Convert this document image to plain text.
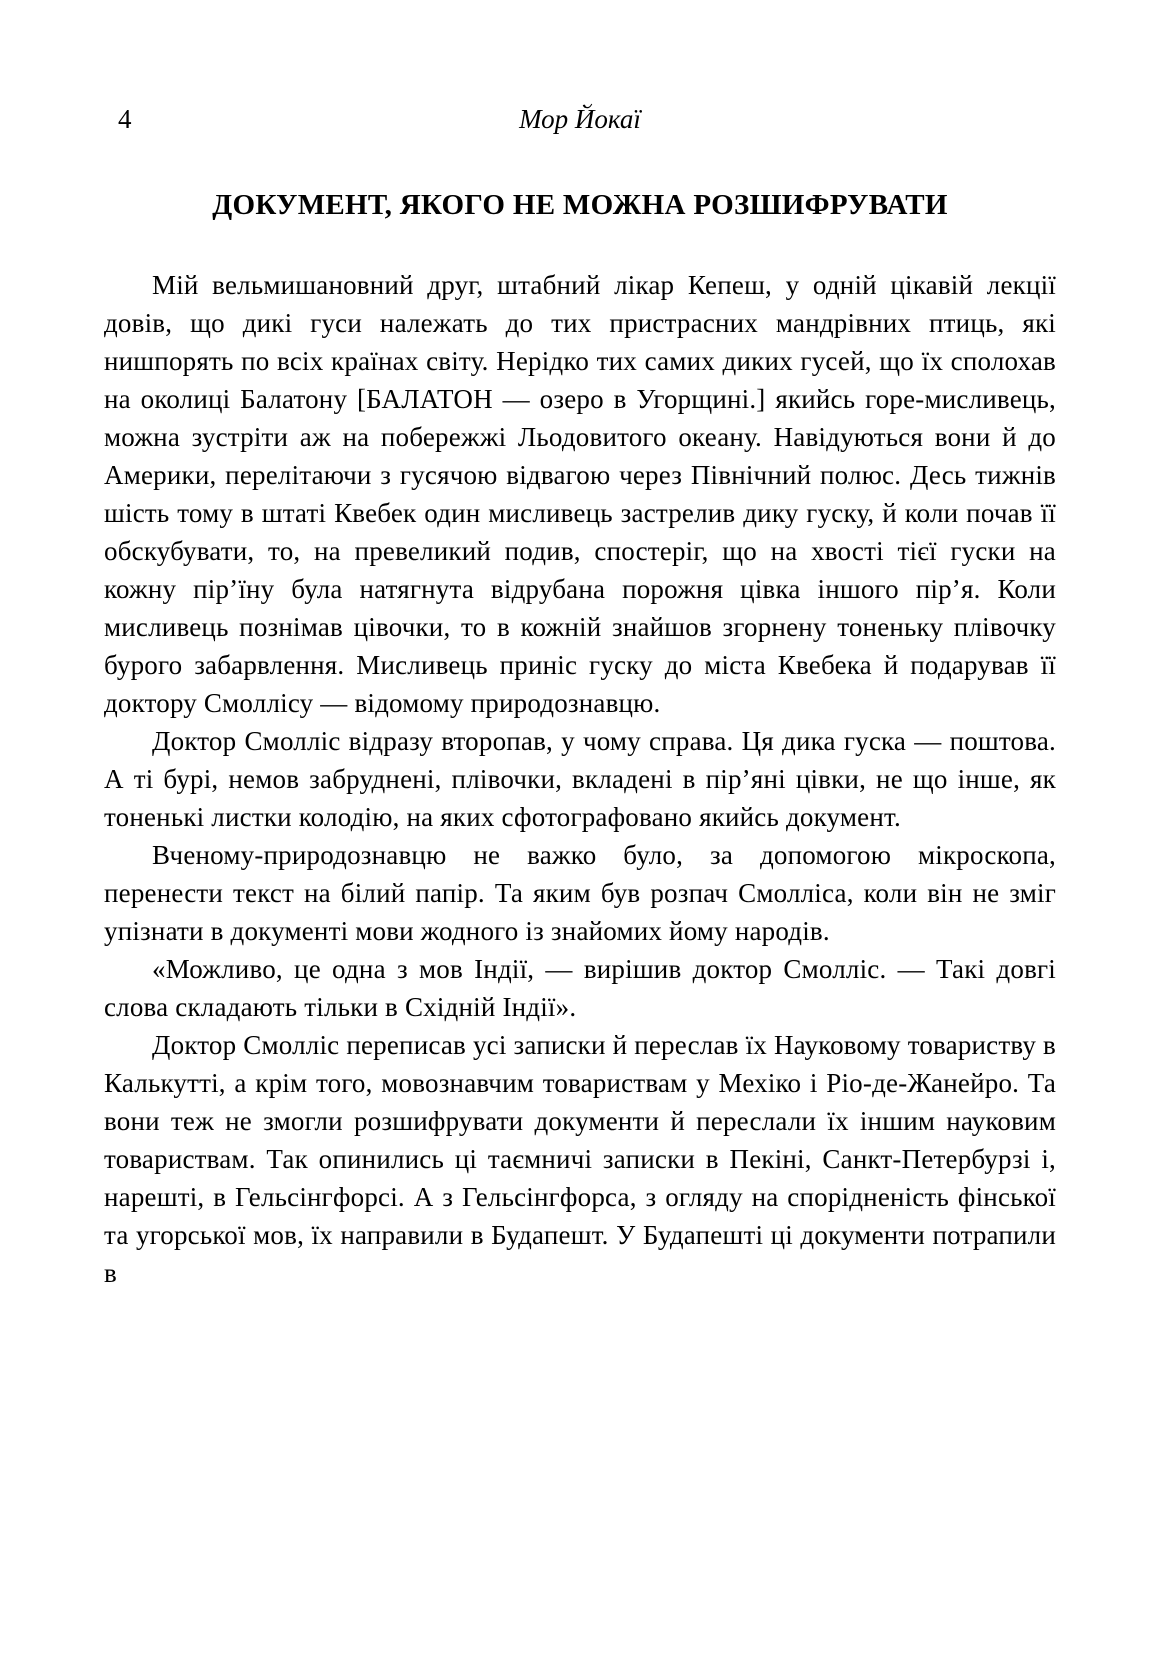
4	Мор Йокаї
ДОКУМЕНТ, ЯКОГО НЕ МОЖНА РОЗШИФРУВАТИ

Мій вельмишановний друг, штабний лікар Кепеш, у одній цікавій лекції довів, що дикі гуси належать до тих пристрасних мандрівних птиць, які нишпорять по всіх країнах світу. Нерідко тих самих диких гусей, що їх сполохав на околиці Балатону [БАЛАТОН — озеро в Угорщині.] якийсь горе-мисливець, можна зустріти аж на побережжі Льодовитого океану. Навідуються вони й до Америки, перелітаючи з гусячою відвагою через Північний полюс. Десь тижнів шість тому в штаті Квебек один мисливець застрелив дику гуску, й коли почав її обскубувати, то, на превеликий подив, спостеріг, що на хвості тієї гуски на кожну пір’їну була натягнута відрубана порожня цівка іншого пір’я. Коли мисливець познімав цівочки, то в кожній знайшов згорнену тоненьку плівочку бурого забарвлення. Мисливець приніс гуску до міста Квебека й подарував її доктору Смоллісу — відомому природознавцю.

Доктор Смолліс відразу второпав, у чому справа. Ця дика гуска — поштова. А ті бурі, немов забруднені, плівочки, вкладені в пір’яні цівки, не що інше, як тоненькі листки колодію, на яких сфотографовано якийсь документ.

Вченому-природознавцю не важко було, за допомогою мікроскопа, перенести текст на білий папір. Та яким був розпач Смолліса, коли він не зміг упізнати в документі мови жодного із знайомих йому народів.

«Можливо, це одна з мов Індії, — вирішив доктор Смолліс. — Такі довгі слова складають тільки в Східній Індії».

Доктор Смолліс переписав усі записки й переслав їх Науковому товариству в Калькутті, а крім того, мовознавчим товариствам у Мехіко і Ріо-де-Жанейро. Та вони теж не змогли розшифрувати документи й переслали їх іншим науковим товариствам. Так опинились ці таємничі записки в Пекіні, Санкт-Петербурзі і, нарешті, в Гельсінгфорсі. А з Гельсінгфорса, з огляду на спорідненість фінської та угорської мов, їх направили в Будапешт. У Будапешті ці документи потрапили в
